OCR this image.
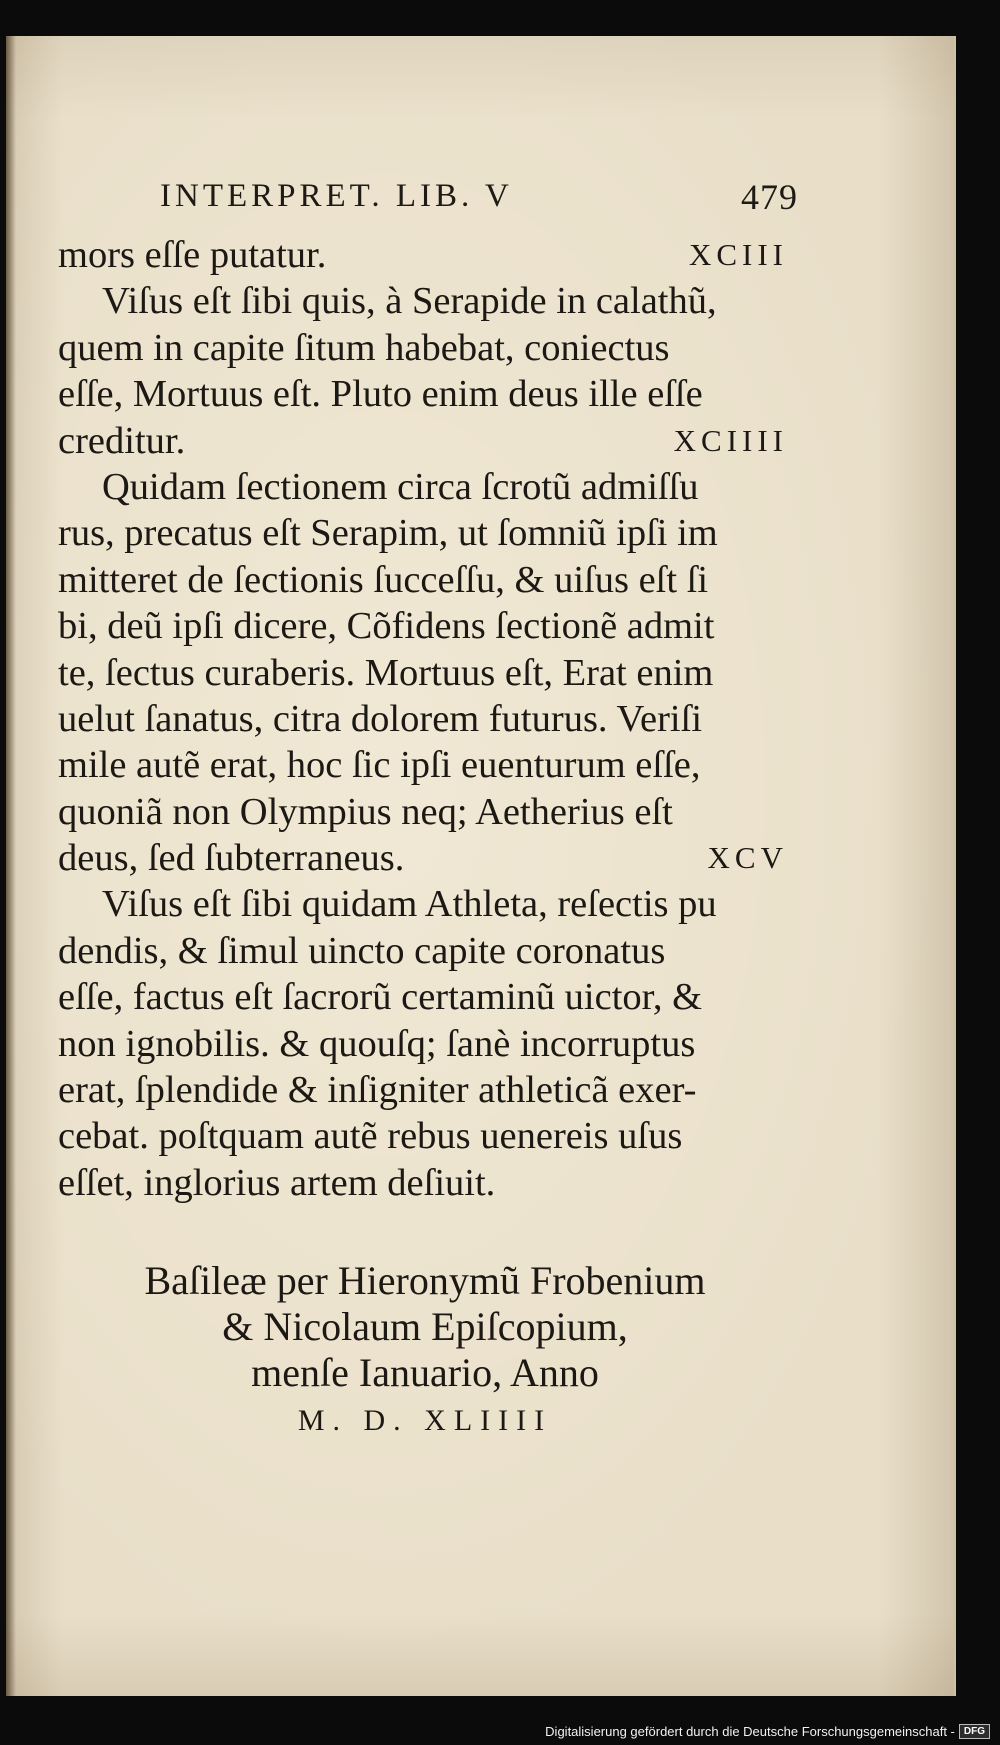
INTERPRET. LIB. V	479
mors eſſe putatur.	XCIII
Viſus eſt ſibi quis, à Serapide in calathũ,
quem in capite ſitum habebat, coniectus
eſſe, Mortuus eſt. Pluto enim deus ille eſſe
creditur.	XCIIII
Quidam ſectionem circa ſcrotũ admiſſu
rus, precatus eſt Serapim, ut ſomniũ ipſi im
mitteret de ſectionis ſucceſſu, & uiſus eſt ſi
bi, deũ ipſi dicere, Cõfidens ſectionẽ admit
te, ſectus curaberis. Mortuus eſt, Erat enim
uelut ſanatus, citra dolorem futurus. Veriſi
mile autẽ erat, hoc ſic ipſi euenturum eſſe,
quoniã non Olympius neq; Aetherius eſt
deus, ſed ſubterraneus.	XCV
Viſus eſt ſibi quidam Athleta, reſectis pu
dendis, & ſimul uincto capite coronatus
eſſe, factus eſt ſacrorũ certaminũ uictor, &
non ignobilis. & quouſq; ſanè incorruptus
erat, ſplendide & inſigniter athleticã exer-
cebat. poſtquam autẽ rebus uenereis uſus
eſſet, inglorius artem deſiuit.
Baſileæ per Hieronymũ Frobenium
& Nicolaum Epiſcopium,
menſe Ianuario, Anno
M. D. XLIIII
Digitalisierung gefördert durch die Deutsche Forschungsgemeinschaft - DFG
